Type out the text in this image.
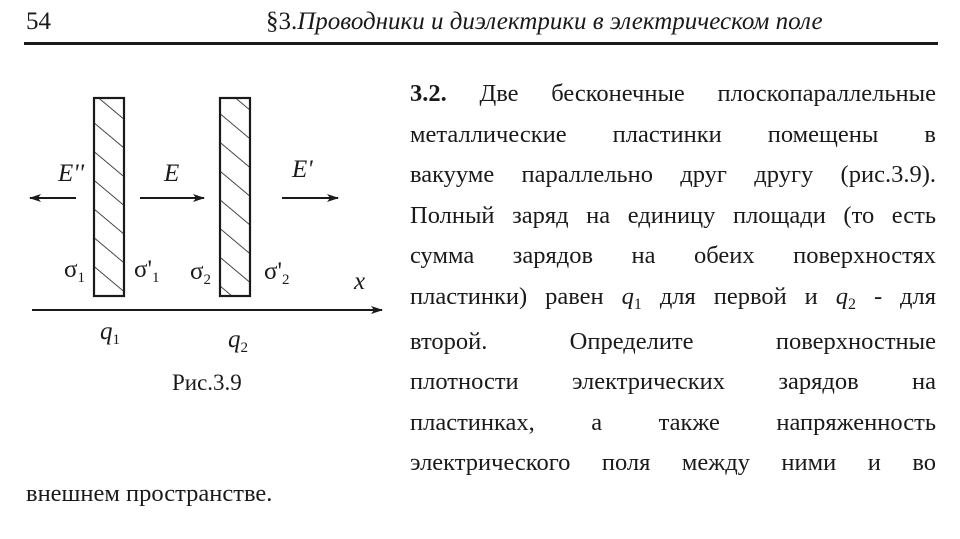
54	§3.Проводники и диэлектрики в электрическом поле
E''	E	E'
$\sigma_1$ $\sigma'_1$ $\sigma_2$ $\sigma'_2$	x
$q_1$	$q_2$
Рис.3.9
3.2. Две бесконечные плоскопараллельные
металлические пластинки помещены в
вакууме параллельно друг другу (рис.3.9).
Полный заряд на единицу площади (то есть
сумма зарядов на обеих поверхностях
пластинки) равен $q_1$ для первой и $q_2$ - для
второй. Определите поверхностные
плотности электрических зарядов на
пластинках, а также напряженность
электрического поля между ними и во
внешнем пространстве.
